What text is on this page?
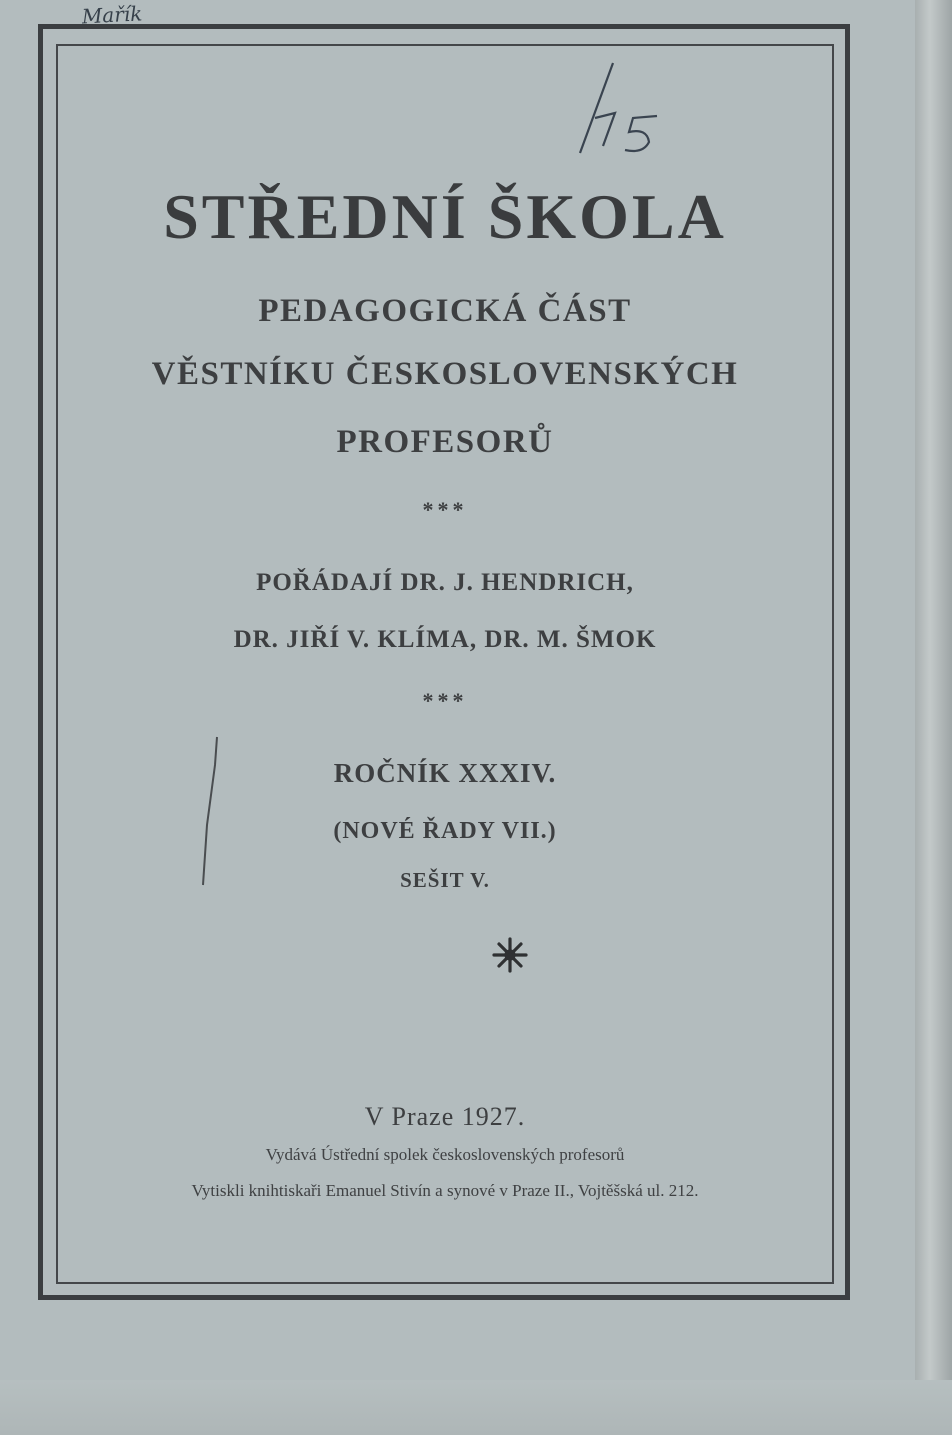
Mařík
STŘEDNÍ ŠKOLA
PEDAGOGICKÁ ČÁST
VĚSTNÍKU ČESKOSLOVENSKÝCH
PROFESORŮ
***
POŘÁDAJÍ DR. J. HENDRICH,
DR. JIŘÍ V. KLÍMA, DR. M. ŠMOK
***
ROČNÍK XXXIV.
(NOVÉ ŘADY VII.)
SEŠIT V.
V Praze 1927.
Vydává Ústřední spolek československých profesorů
Vytiskli knihtiskaři Emanuel Stivín a synové v Praze II., Vojtěšská ul. 212.
